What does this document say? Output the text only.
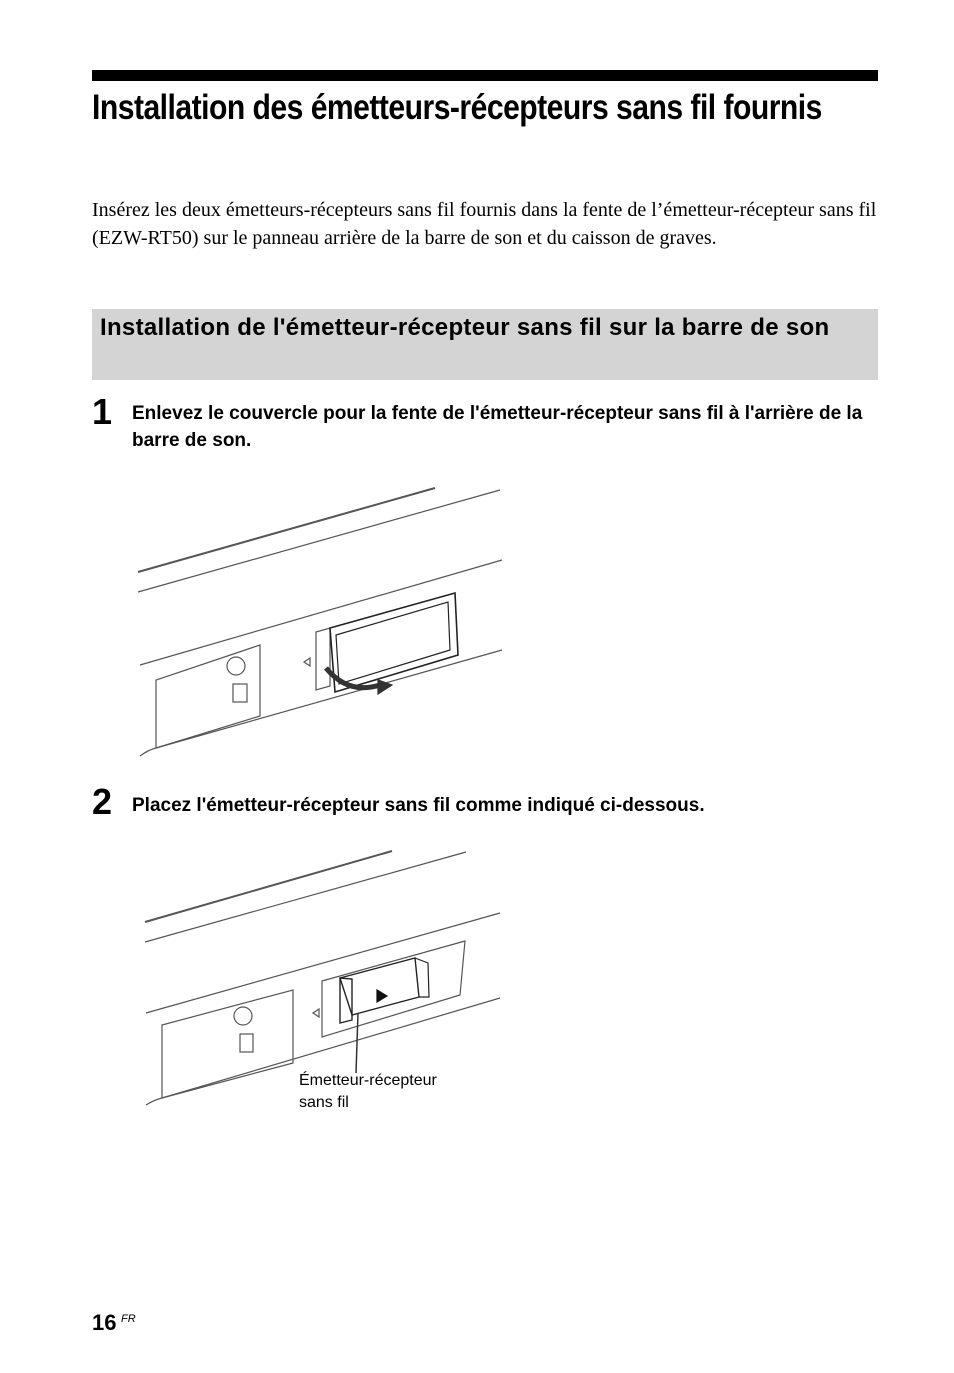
Installation des émetteurs-récepteurs sans fil fournis

Insérez les deux émetteurs-récepteurs sans fil fournis dans la fente de l’émetteur-récepteur sans fil (EZW-RT50) sur le panneau arrière de la barre de son et du caisson de graves.

Installation de l'émetteur-récepteur sans fil sur la barre de son
1 Enlevez le couvercle pour la fente de l'émetteur-récepteur sans fil à l'arrière de la barre de son.

2 Placez l'émetteur-récepteur sans fil comme indiqué ci-dessous.

Émetteur-récepteur
sans fil
16 FR
